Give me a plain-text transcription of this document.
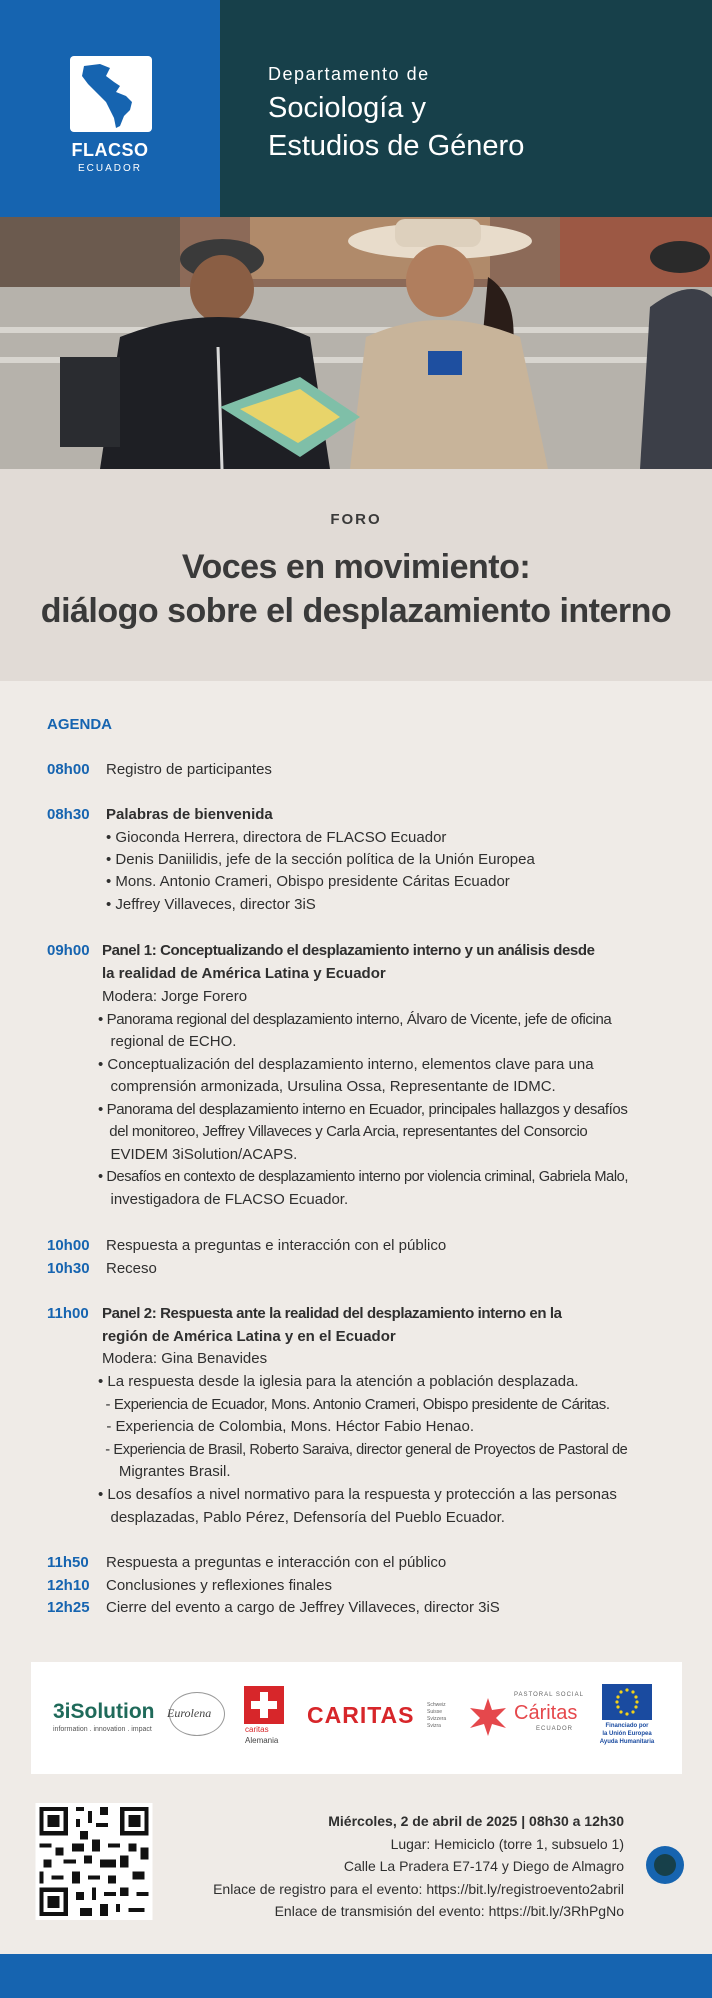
FLACSO
ECUADOR
Departamento de
Sociología y
Estudios de Género
FORO
Voces en movimiento:
diálogo sobre el desplazamiento interno
AGENDA
08h00 Registro de participantes
08h30 Palabras de bienvenida
• Gioconda Herrera, directora de FLACSO Ecuador
• Denis Daniilidis, jefe de la sección política de la Unión Europea
• Mons. Antonio Crameri, Obispo presidente Cáritas Ecuador
• Jeffrey Villaveces, director 3iS
09h00 Panel 1: Conceptualizando el desplazamiento interno y un análisis desde
la realidad de América Latina y Ecuador
Modera: Jorge Forero
• Panorama regional del desplazamiento interno, Álvaro de Vicente, jefe de oficina
regional de ECHO.
• Conceptualización del desplazamiento interno, elementos clave para una
comprensión armonizada, Ursulina Ossa, Representante de IDMC.
• Panorama del desplazamiento interno en Ecuador, principales hallazgos y desafíos
del monitoreo, Jeffrey Villaveces y Carla Arcia, representantes del Consorcio
EVIDEM 3iSolution/ACAPS.
• Desafíos en contexto de desplazamiento interno por violencia criminal, Gabriela Malo,
investigadora de FLACSO Ecuador.
10h00 Respuesta a preguntas e interacción con el público
10h30 Receso
11h00 Panel 2: Respuesta ante la realidad del desplazamiento interno en la
región de América Latina y en el Ecuador
Modera: Gina Benavides
• La respuesta desde la iglesia para la atención a población desplazada.
- Experiencia de Ecuador, Mons. Antonio Crameri, Obispo presidente de Cáritas.
- Experiencia de Colombia, Mons. Héctor Fabio Henao.
- Experiencia de Brasil, Roberto Saraiva, director general de Proyectos de Pastoral de
Migrantes Brasil.
• Los desafíos a nivel normativo para la respuesta y protección a las personas
desplazadas, Pablo Pérez, Defensoría del Pueblo Ecuador.
11h50 Respuesta a preguntas e interacción con el público
12h10 Conclusiones y reflexiones finales
12h25 Cierre del evento a cargo de Jeffrey Villaveces, director 3iS
3iSolution
information . innovation . impact
Eurolena
caritas
Alemania
CARITAS Schweiz Suisse Svizzera Svizra
PASTORAL SOCIAL
Cáritas
ECUADOR	Financiado por
la Unión Europea
Ayuda Humanitaria
Miércoles, 2 de abril de 2025 | 08h30 a 12h30
Lugar: Hemiciclo (torre 1, subsuelo 1)
Calle La Pradera E7-174 y Diego de Almagro
Enlace de registro para el evento: https://bit.ly/registroevento2abril
Enlace de transmisión del evento: https://bit.ly/3RhPgNo
